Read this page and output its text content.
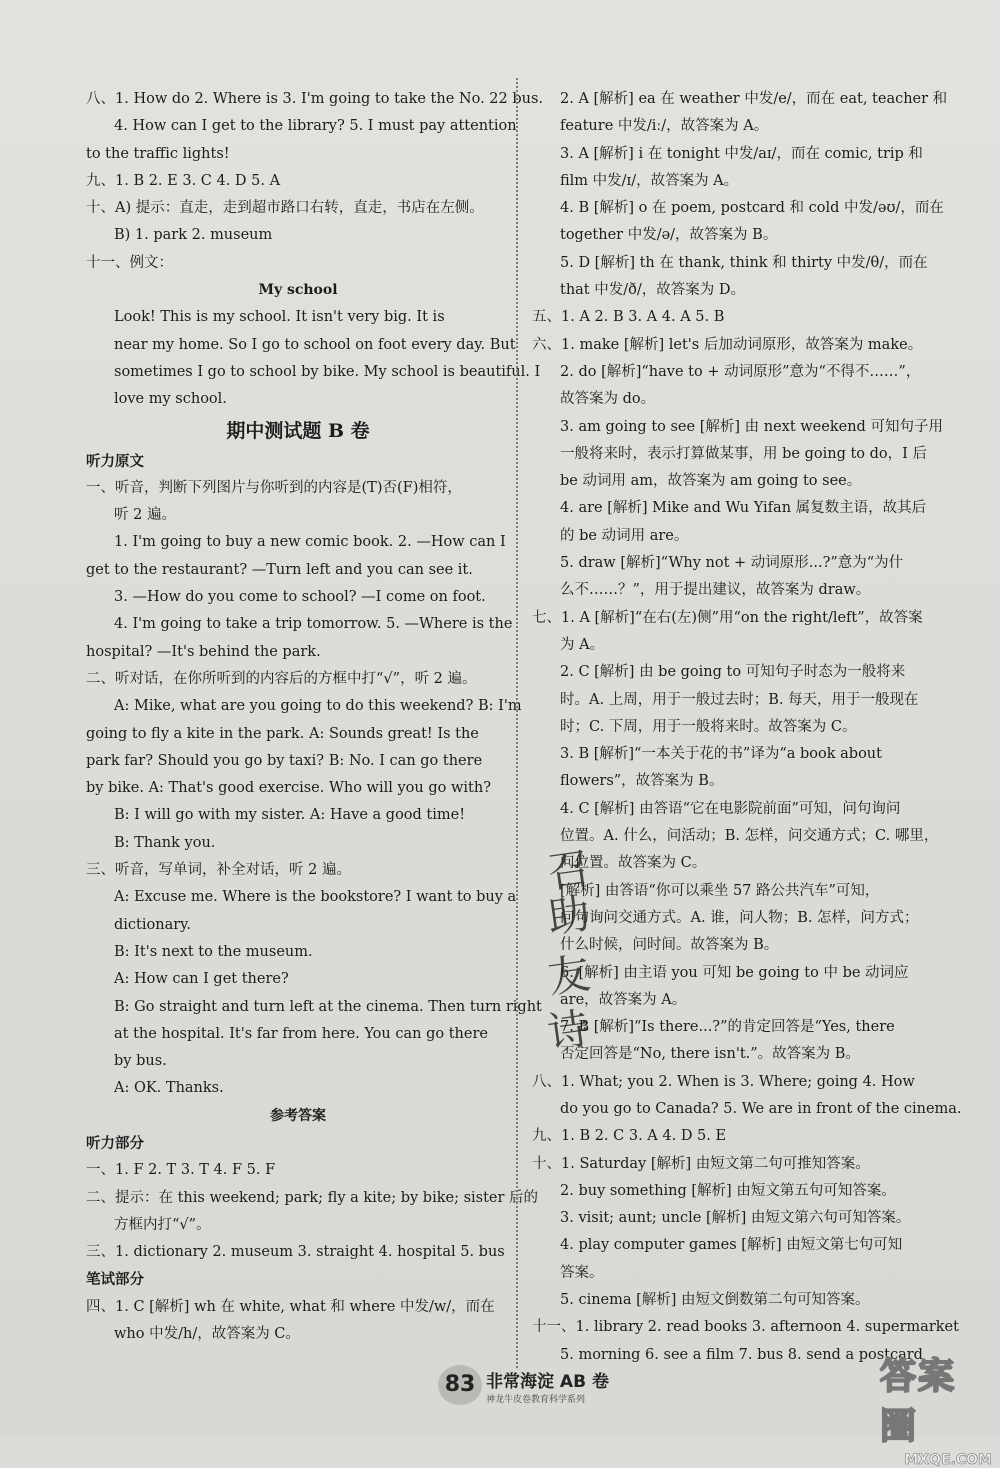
八、1. How do 2. Where is 3. I'm going to take the No. 22 bus.
4. How can I get to the library? 5. I must pay attention
to the traffic lights!
九、1. B 2. E 3. C 4. D 5. A
十、A) 提示：直走，走到超市路口右转，直走，书店在左侧。
B) 1. park 2. museum
十一、例文：
My school
Look! This is my school. It isn't very big. It is
near my home. So I go to school on foot every day. But
sometimes I go to school by bike. My school is beautiful. I
love my school.
期中测试题 B 卷
听力原文
一、听音，判断下列图片与你听到的内容是(T)否(F)相符，
听 2 遍。
1. I'm going to buy a new comic book. 2. —How can I
get to the restaurant? —Turn left and you can see it.
3. —How do you come to school? —I come on foot.
4. I'm going to take a trip tomorrow. 5. —Where is the
hospital? —It's behind the park.
二、听对话，在你所听到的内容后的方框中打“√”，听 2 遍。
A: Mike, what are you going to do this weekend? B: I'm
going to fly a kite in the park. A: Sounds great! Is the
park far? Should you go by taxi? B: No. I can go there
by bike. A: That's good exercise. Who will you go with?
B: I will go with my sister. A: Have a good time!
B: Thank you.
三、听音，写单词，补全对话，听 2 遍。
A: Excuse me. Where is the bookstore? I want to buy a
dictionary.
B: It's next to the museum.
A: How can I get there?
B: Go straight and turn left at the cinema. Then turn right
at the hospital. It's far from here. You can go there
by bus.
A: OK. Thanks.
参考答案
听力部分
一、1. F 2. T 3. T 4. F 5. F
二、提示：在 this weekend; park; fly a kite; by bike; sister 后的
方框内打“√”。
三、1. dictionary 2. museum 3. straight 4. hospital 5. bus
笔试部分
四、1. C [解析] wh 在 white, what 和 where 中发/w/，而在
who 中发/h/，故答案为 C。
2. A [解析] ea 在 weather 中发/e/，而在 eat, teacher 和
feature 中发/iː/，故答案为 A。
3. A [解析] i 在 tonight 中发/aɪ/，而在 comic, trip 和
film 中发/ɪ/，故答案为 A。
4. B [解析] o 在 poem, postcard 和 cold 中发/əʊ/，而在
together 中发/ə/，故答案为 B。
5. D [解析] th 在 thank, think 和 thirty 中发/θ/，而在
that 中发/ð/，故答案为 D。
五、1. A 2. B 3. A 4. A 5. B
六、1. make [解析] let's 后加动词原形，故答案为 make。
2. do [解析]“have to + 动词原形”意为“不得不……”，
故答案为 do。
3. am going to see [解析] 由 next weekend 可知句子用
一般将来时，表示打算做某事，用 be going to do，I 后
be 动词用 am，故答案为 am going to see。
4. are [解析] Mike and Wu Yifan 属复数主语，故其后
的 be 动词用 are。
5. draw [解析]“Why not + 动词原形...?”意为“为什
么不……？”，用于提出建议，故答案为 draw。
七、1. A [解析]“在右(左)侧”用“on the right/left”，故答案
为 A。
2. C [解析] 由 be going to 可知句子时态为一般将来
时。A. 上周，用于一般过去时；B. 每天，用于一般现在
时；C. 下周，用于一般将来时。故答案为 C。
3. B [解析]“一本关于花的书”译为“a book about
flowers”，故答案为 B。
4. C [解析] 由答语“它在电影院前面”可知，问句询问
位置。A. 什么，问活动；B. 怎样，问交通方式；C. 哪里，
问位置。故答案为 C。
[解析] 由答语“你可以乘坐 57 路公共汽车”可知，
问句询问交通方式。A. 谁，问人物；B. 怎样，问方式；
什么时候，问时间。故答案为 B。
6. [解析] 由主语 you 可知 be going to 中 be 动词应
are，故答案为 A。
7. B [解析]“Is there...?”的肯定回答是“Yes, there
否定回答是“No, there isn't.”。故答案为 B。
八、1. What; you 2. When is 3. Where; going 4. How
do you go to Canada? 5. We are in front of the cinema.
九、1. B 2. C 3. A 4. D 5. E
十、1. Saturday [解析] 由短文第二句可推知答案。
2. buy something [解析] 由短文第五句可知答案。
3. visit; aunt; uncle [解析] 由短文第六句可知答案。
4. play computer games [解析] 由短文第七句可知
答案。
5. cinema [解析] 由短文倒数第二句可知答案。
十一、1. library 2. read books 3. afternoon 4. supermarket
5. morning 6. see a film 7. bus 8. send a postcard
召
助
友
诗
83 非常海淀 AB 卷
神龙牛皮卷教育科学系列
答案圈
MXQE.COM
